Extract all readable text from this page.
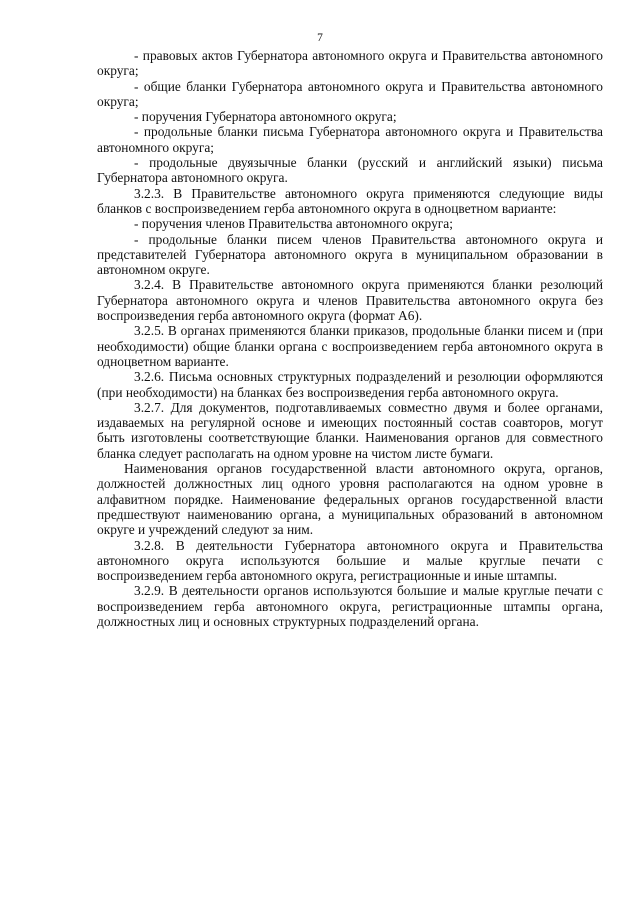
7

- правовых актов Губернатора автономного округа и Правительства автономного округа;

- общие бланки Губернатора автономного округа и Правительства автономного округа;

- поручения Губернатора автономного округа;

- продольные бланки письма Губернатора автономного округа и Правительства автономного округа;

- продольные двуязычные бланки (русский и английский языки) письма Губернатора автономного округа.

3.2.3. В Правительстве автономного округа применяются следующие виды бланков с воспроизведением герба автономного округа в одноцветном варианте:

- поручения членов Правительства автономного округа;

- продольные бланки писем членов Правительства автономного округа и представителей Губернатора автономного округа в муниципальном образовании в автономном округе.

3.2.4. В Правительстве автономного округа применяются бланки резолюций Губернатора автономного округа и членов Правительства автономного округа без воспроизведения герба автономного округа (формат А6).

3.2.5. В органах применяются бланки приказов, продольные бланки писем и (при необходимости) общие бланки органа с воспроизведением герба автономного округа в одноцветном варианте.

3.2.6. Письма основных структурных подразделений и резолюции оформляются (при необходимости) на бланках без воспроизведения герба автономного округа.

3.2.7. Для документов, подготавливаемых совместно двумя и более органами, издаваемых на регулярной основе и имеющих постоянный состав соавторов, могут быть изготовлены соответствующие бланки. Наименования органов для совместного бланка следует располагать на одном уровне на чистом листе бумаги.

Наименования органов государственной власти автономного округа, органов, должностей должностных лиц одного уровня располагаются на одном уровне в алфавитном порядке. Наименование федеральных органов государственной власти предшествуют наименованию органа, а муниципальных образований в автономном округе и учреждений следуют за ним.

3.2.8. В деятельности Губернатора автономного округа и Правительства автономного округа используются большие и малые круглые печати с воспроизведением герба автономного округа, регистрационные и иные штампы.

3.2.9. В деятельности органов используются большие и малые круглые печати с воспроизведением герба автономного округа, регистрационные штампы органа, должностных лиц и основных структурных подразделений органа.
